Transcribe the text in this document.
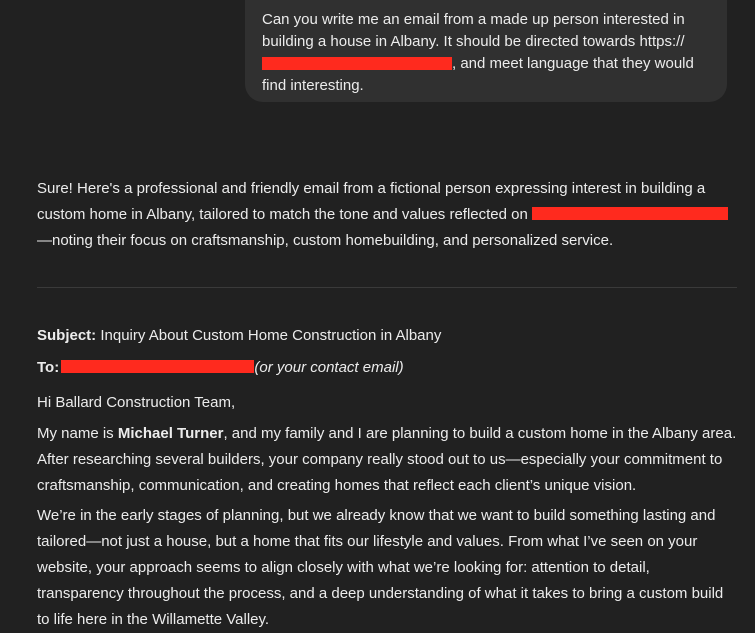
Can you write me an email from a made up person interested in
building a house in Albany. It should be directed towards https://
, and meet language that they would
find interesting.
Sure! Here's a professional and friendly email from a fictional person expressing interest in building a
custom home in Albany, tailored to match the tone and values reflected on
—noting their focus on craftsmanship, custom homebuilding, and personalized service.
Subject: Inquiry About Custom Home Construction in Albany
To:	(or your contact email)
Hi Ballard Construction Team,
My name is Michael Turner, and my family and I are planning to build a custom home in the Albany area. After researching several builders, your company really stood out to us—especially your commitment to craftsmanship, communication, and creating homes that reflect each client’s unique vision.
We’re in the early stages of planning, but we already know that we want to build something lasting and tailored—not just a house, but a home that fits our lifestyle and values. From what I’ve seen on your website, your approach seems to align closely with what we’re looking for: attention to detail, transparency throughout the process, and a deep understanding of what it takes to bring a custom build to life here in the Willamette Valley.
